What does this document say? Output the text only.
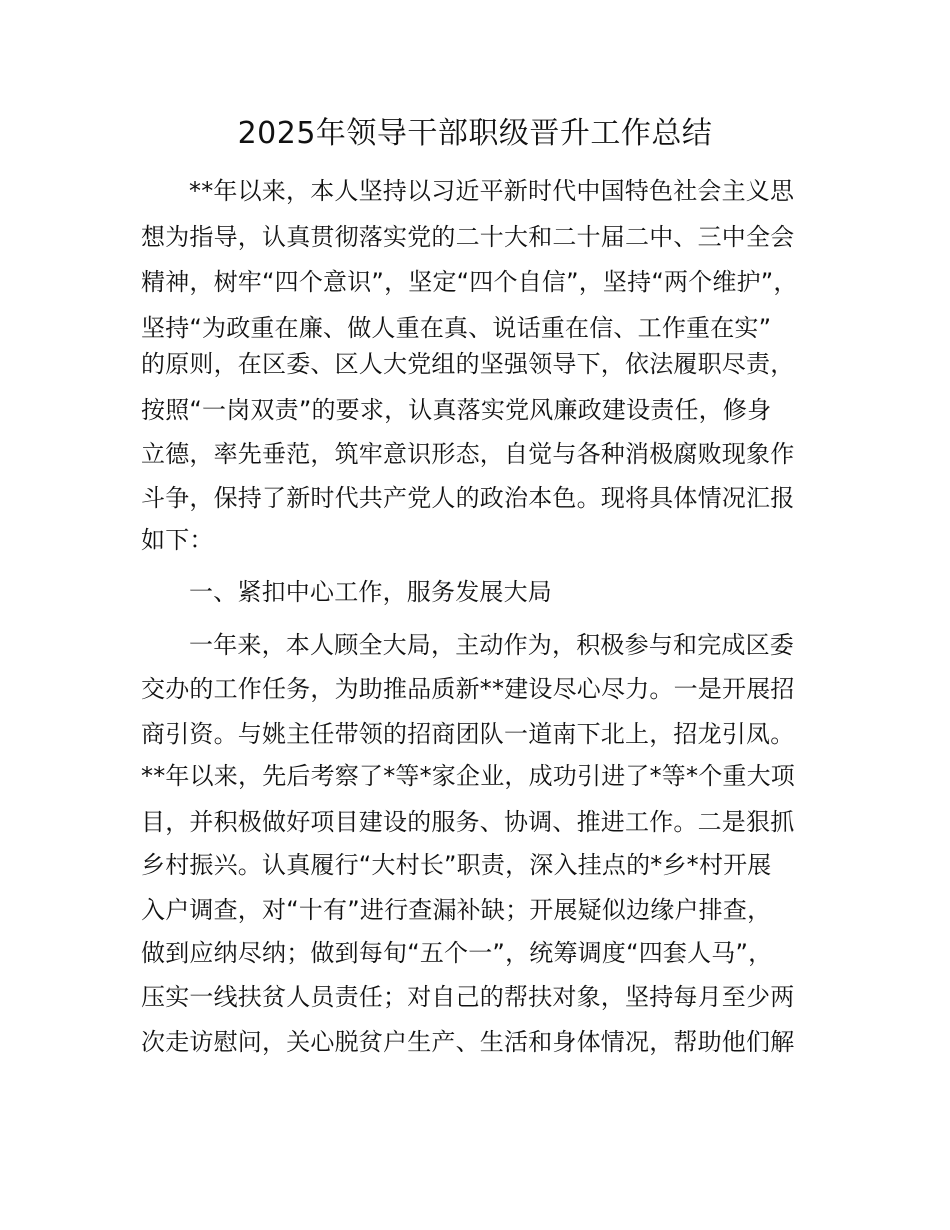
2025年领导干部职级晋升工作总结
**年以来，本人坚持以习近平新时代中国特色社会主义思
想为指导，认真贯彻落实党的二十大和二十届二中、三中全会
精神，树牢“四个意识”，坚定“四个自信”，坚持“两个维护”，
坚持“为政重在廉、做人重在真、说话重在信、工作重在实”
的原则，在区委、区人大党组的坚强领导下，依法履职尽责，
按照“一岗双责”的要求，认真落实党风廉政建设责任，修身
立德，率先垂范，筑牢意识形态，自觉与各种消极腐败现象作
斗争，保持了新时代共产党人的政治本色。现将具体情况汇报
如下：
一、紧扣中心工作，服务发展大局
一年来，本人顾全大局，主动作为，积极参与和完成区委
交办的工作任务，为助推品质新**建设尽心尽力。一是开展招
商引资。与姚主任带领的招商团队一道南下北上，招龙引凤。
**年以来，先后考察了*等*家企业，成功引进了*等*个重大项
目，并积极做好项目建设的服务、协调、推进工作。二是狠抓
乡村振兴。认真履行“大村长”职责，深入挂点的*乡*村开展
入户调查，对“十有”进行查漏补缺；开展疑似边缘户排查，
做到应纳尽纳；做到每旬“五个一”，统筹调度“四套人马”，
压实一线扶贫人员责任；对自己的帮扶对象，坚持每月至少两
次走访慰问，关心脱贫户生产、生活和身体情况，帮助他们解
